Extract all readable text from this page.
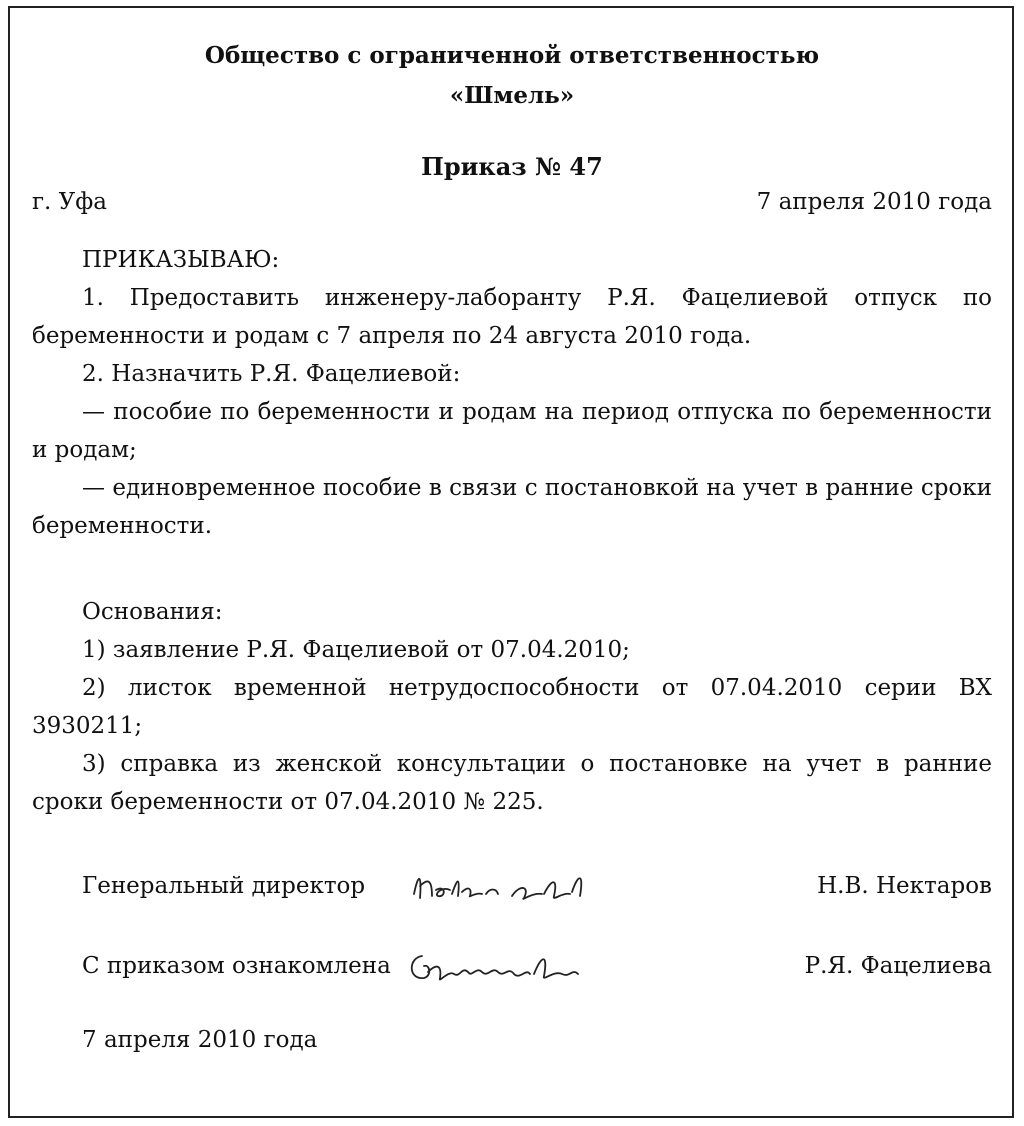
Общество с ограниченной ответственностью
«Шмель»
Приказ № 47
г. Уфа	7 апреля 2010 года
ПРИКАЗЫВАЮ:
1. Предоставить инженеру-лаборанту Р.Я. Фацелиевой отпуск по беременности и родам с 7 апреля по 24 августа 2010 года.
2. Назначить Р.Я. Фацелиевой:
— пособие по беременности и родам на период отпуска по беременности и родам;
— единовременное пособие в связи с постановкой на учет в ранние сроки беременности.
Основания:
1) заявление Р.Я. Фацелиевой от 07.04.2010;
2) листок временной нетрудоспособности от 07.04.2010 серии ВХ 3930211;
3) справка из женской консультации о постановке на учет в ранние сроки беременности от 07.04.2010 № 225.
Генеральный директор	Н.В. Нектаров
С приказом ознакомлена	Р.Я. Фацелиева
7 апреля 2010 года
